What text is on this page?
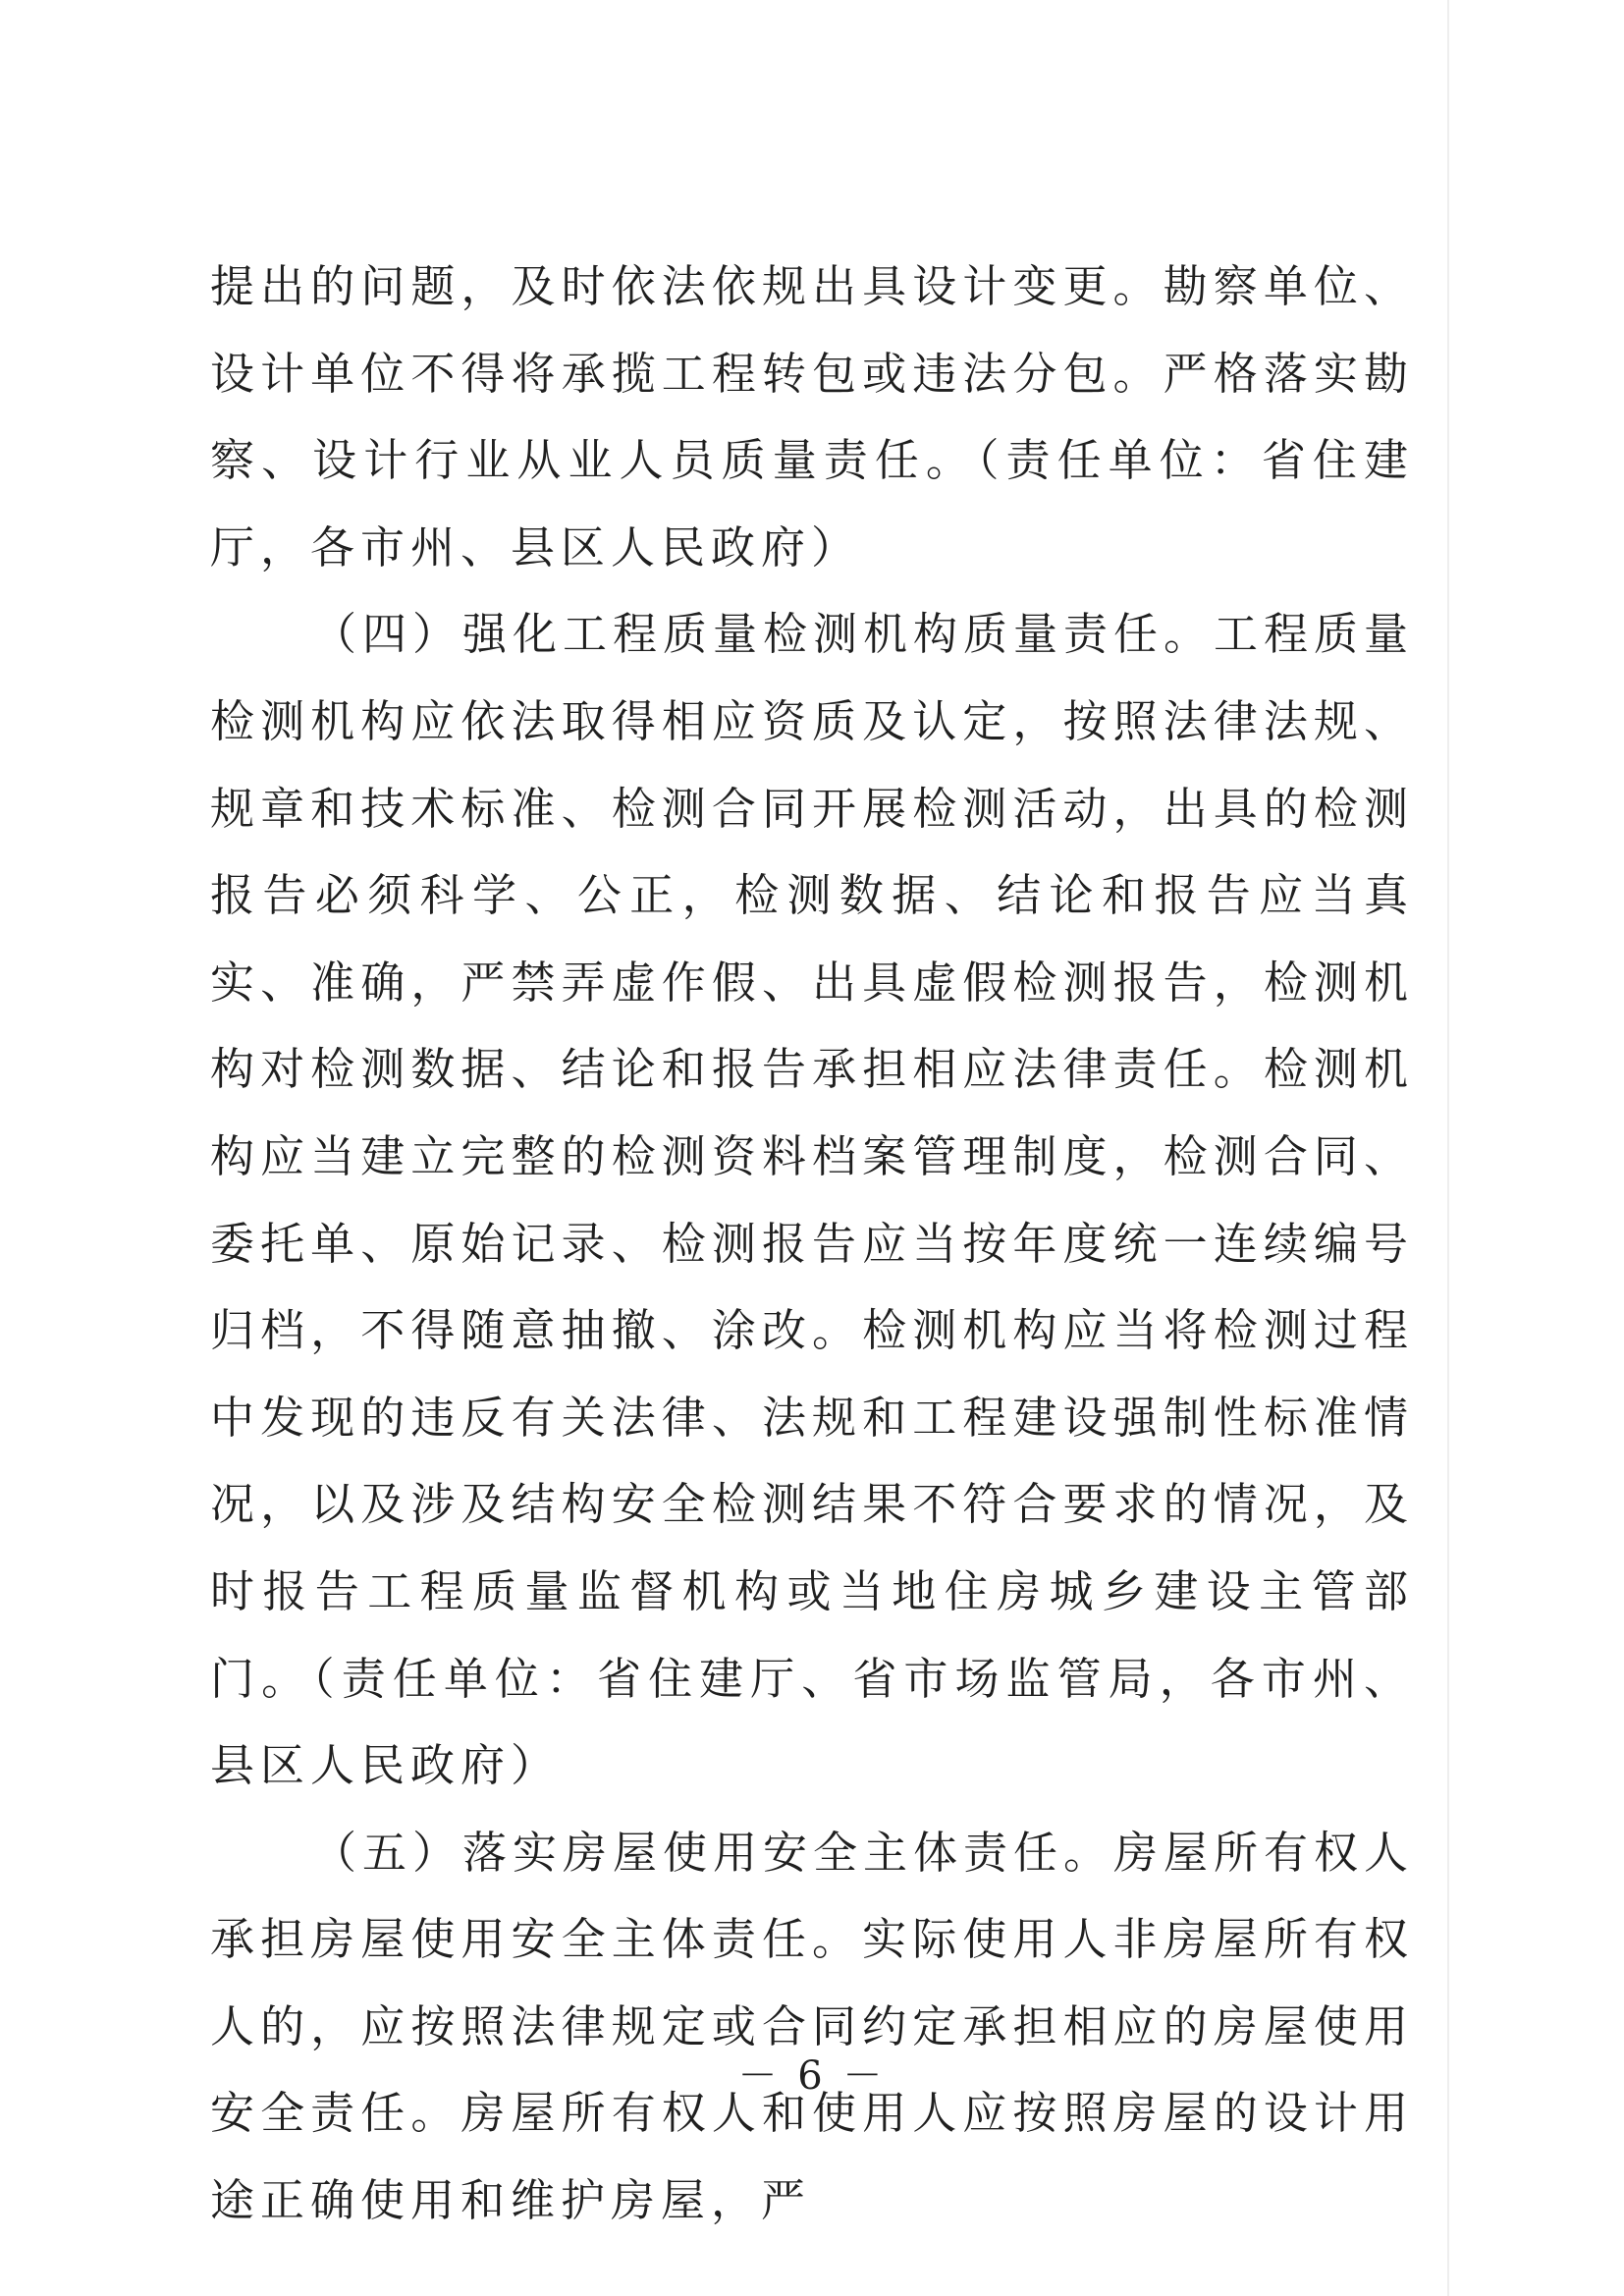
提出的问题，及时依法依规出具设计变更。勘察单位、设计单位不得将承揽工程转包或违法分包。严格落实勘察、设计行业从业人员质量责任。（责任单位：省住建厅，各市州、县区人民政府）

（四）强化工程质量检测机构质量责任。工程质量检测机构应依法取得相应资质及认定，按照法律法规、规章和技术标准、检测合同开展检测活动，出具的检测报告必须科学、公正，检测数据、结论和报告应当真实、准确，严禁弄虚作假、出具虚假检测报告，检测机构对检测数据、结论和报告承担相应法律责任。检测机构应当建立完整的检测资料档案管理制度，检测合同、委托单、原始记录、检测报告应当按年度统一连续编号归档，不得随意抽撤、涂改。检测机构应当将检测过程中发现的违反有关法律、法规和工程建设强制性标准情况，以及涉及结构安全检测结果不符合要求的情况，及时报告工程质量监督机构或当地住房城乡建设主管部门。（责任单位：省住建厅、省市场监管局，各市州、县区人民政府）

（五）落实房屋使用安全主体责任。房屋所有权人承担房屋使用安全主体责任。实际使用人非房屋所有权人的，应按照法律规定或合同约定承担相应的房屋使用安全责任。房屋所有权人和使用人应按照房屋的设计用途正确使用和维护房屋，严

－ 6 －
